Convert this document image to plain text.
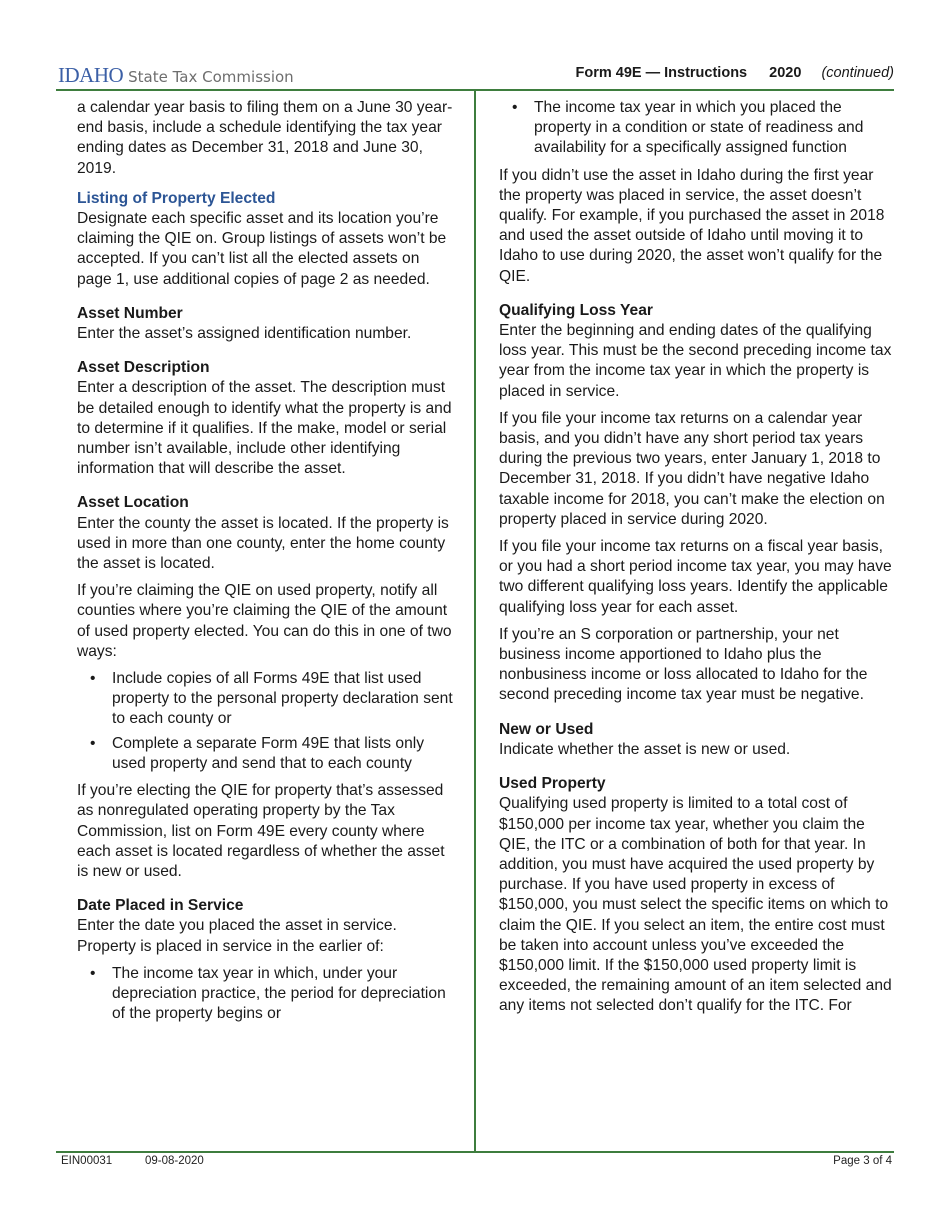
IDAHO State Tax Commission	Form 49E — Instructions 2020 (continued)

a calendar year basis to filing them on a June 30 year-end basis, include a schedule identifying the tax year ending dates as December 31, 2018 and June 30, 2019.

Listing of Property Elected

Designate each specific asset and its location you’re claiming the QIE on. Group listings of assets won’t be accepted. If you can’t list all the elected assets on page 1, use additional copies of page 2 as needed.

Asset Number

Enter the asset’s assigned identification number.

Asset Description

Enter a description of the asset. The description must be detailed enough to identify what the property is and to determine if it qualifies. If the make, model or serial number isn’t available, include other identifying information that will describe the asset.

Asset Location

Enter the county the asset is located. If the property is used in more than one county, enter the home county the asset is located.

If you’re claiming the QIE on used property, notify all counties where you’re claiming the QIE of the amount of used property elected. You can do this in one of two ways:

• Include copies of all Forms 49E that list used property to the personal property declaration sent to each county or
• Complete a separate Form 49E that lists only used property and send that to each county

If you’re electing the QIE for property that’s assessed as nonregulated operating property by the Tax Commission, list on Form 49E every county where each asset is located regardless of whether the asset is new or used.

Date Placed in Service

Enter the date you placed the asset in service. Property is placed in service in the earlier of:

• The income tax year in which, under your depreciation practice, the period for depreciation of the property begins or
• The income tax year in which you placed the property in a condition or state of readiness and availability for a specifically assigned function

If you didn’t use the asset in Idaho during the first year the property was placed in service, the asset doesn’t qualify. For example, if you purchased the asset in 2018 and used the asset outside of Idaho until moving it to Idaho to use during 2020, the asset won’t qualify for the QIE.

Qualifying Loss Year

Enter the beginning and ending dates of the qualifying loss year. This must be the second preceding income tax year from the income tax year in which the property is placed in service.

If you file your income tax returns on a calendar year basis, and you didn’t have any short period tax years during the previous two years, enter January 1, 2018 to December 31, 2018. If you didn’t have negative Idaho taxable income for 2018, you can’t make the election on property placed in service during 2020.

If you file your income tax returns on a fiscal year basis, or you had a short period income tax year, you may have two different qualifying loss years. Identify the applicable qualifying loss year for each asset.

If you’re an S corporation or partnership, your net business income apportioned to Idaho plus the nonbusiness income or loss allocated to Idaho for the second preceding income tax year must be negative.

New or Used

Indicate whether the asset is new or used.

Used Property

Qualifying used property is limited to a total cost of $150,000 per income tax year, whether you claim the QIE, the ITC or a combination of both for that year. In addition, you must have acquired the used property by purchase. If you have used property in excess of $150,000, you must select the specific items on which to claim the QIE. If you select an item, the entire cost must be taken into account unless you’ve exceeded the $150,000 limit. If the $150,000 used property limit is exceeded, the remaining amount of an item selected and any items not selected don’t qualify for the ITC. For

EIN00031	09-08-2020	Page 3 of 4
